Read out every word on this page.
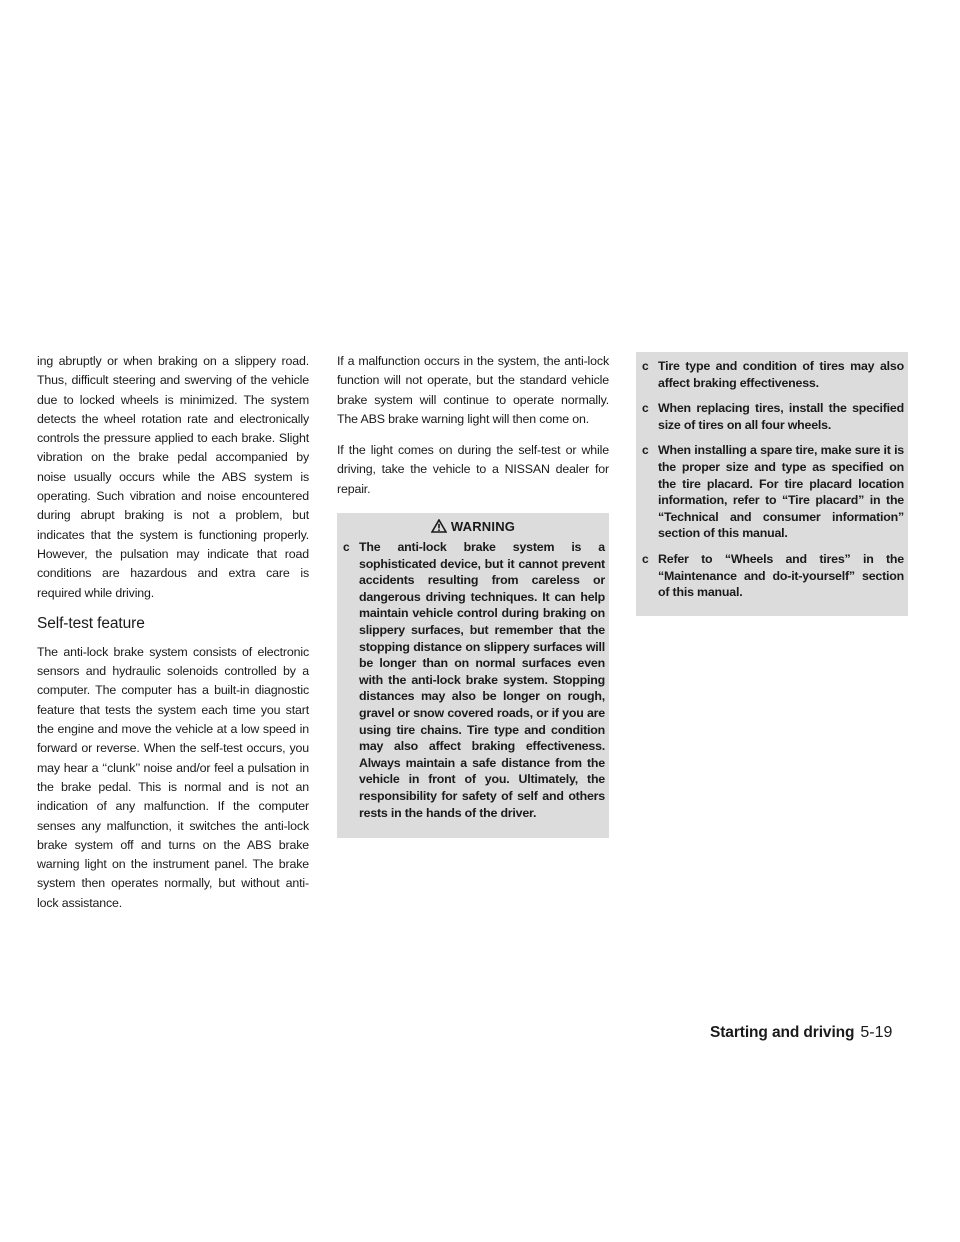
ing abruptly or when braking on a slippery road. Thus, difficult steering and swerving of the vehicle due to locked wheels is minimized. The system detects the wheel rotation rate and electronically controls the pressure applied to each brake. Slight vibration on the brake pedal accompanied by noise usually occurs while the ABS system is operating. Such vibration and noise encountered during abrupt braking is not a problem, but indicates that the system is functioning properly. However, the pulsation may indicate that road conditions are hazardous and extra care is required while driving.

Self-test feature

The anti-lock brake system consists of electronic sensors and hydraulic solenoids controlled by a computer. The computer has a built-in diagnostic feature that tests the system each time you start the engine and move the vehicle at a low speed in forward or reverse. When the self-test occurs, you may hear a ‘‘clunk’’ noise and/or feel a pulsation in the brake pedal. This is normal and is not an indication of any malfunction. If the computer senses any malfunction, it switches the anti-lock brake system off and turns on the ABS brake warning light on the instrument panel. The brake system then operates normally, but without anti-lock assistance.

If a malfunction occurs in the system, the anti-lock function will not operate, but the standard vehicle brake system will continue to operate normally. The ABS brake warning light will then come on.

If the light comes on during the self-test or while driving, take the vehicle to a NISSAN dealer for repair.

WARNING
c The anti-lock brake system is a sophisticated device, but it cannot prevent accidents resulting from careless or dangerous driving techniques. It can help maintain vehicle control during braking on slippery surfaces, but remember that the stopping distance on slippery surfaces will be longer than on normal surfaces even with the anti-lock brake system. Stopping distances may also be longer on rough, gravel or snow covered roads, or if you are using tire chains. Tire type and condition may also affect braking effectiveness. Always maintain a safe distance from the vehicle in front of you. Ultimately, the responsibility for safety of self and others rests in the hands of the driver.
c Tire type and condition of tires may also affect braking effectiveness.
c When replacing tires, install the specified size of tires on all four wheels.
c When installing a spare tire, make sure it is the proper size and type as specified on the tire placard. For tire placard location information, refer to “Tire placard” in the “Technical and consumer information” section of this manual.
c Refer to “Wheels and tires” in the “Maintenance and do-it-yourself” section of this manual.
Starting and driving 5-19
